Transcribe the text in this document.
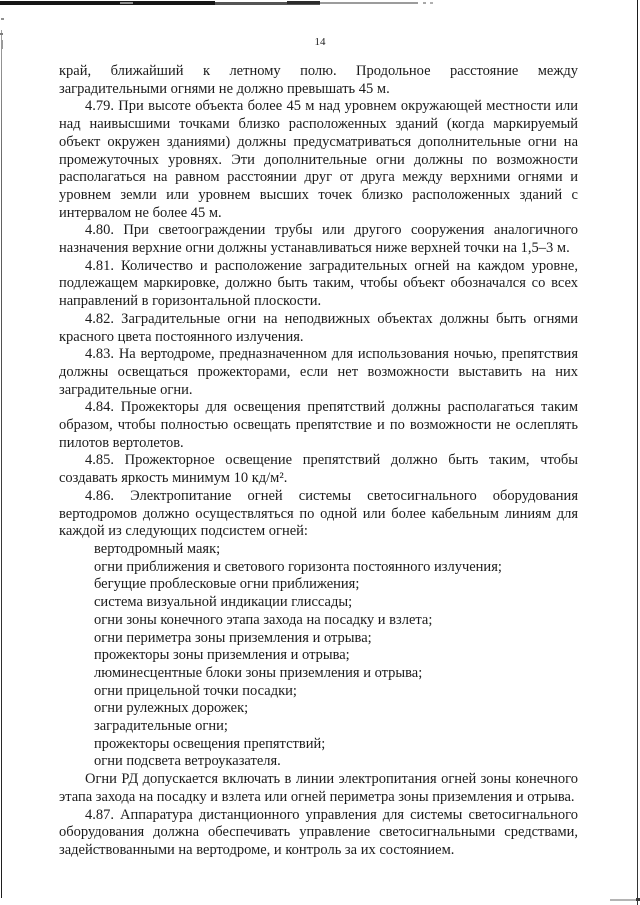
14

край, ближайший к летному полю. Продольное расстояние между заградительными огнями не должно превышать 45 м.

4.79. При высоте объекта более 45 м над уровнем окружающей местности или над наивысшими точками близко расположенных зданий (когда маркируемый объект окружен зданиями) должны предусматриваться дополнительные огни на промежуточных уровнях. Эти дополнительные огни должны по возможности располагаться на равном расстоянии друг от друга между верхними огнями и уровнем земли или уровнем высших точек близко расположенных зданий с интервалом не более 45 м.

4.80. При светоограждении трубы или другого сооружения аналогичного назначения верхние огни должны устанавливаться ниже верхней точки на 1,5–3 м.

4.81. Количество и расположение заградительных огней на каждом уровне, подлежащем маркировке, должно быть таким, чтобы объект обозначался со всех направлений в горизонтальной плоскости.

4.82. Заградительные огни на неподвижных объектах должны быть огнями красного цвета постоянного излучения.

4.83. На вертодроме, предназначенном для использования ночью, препятствия должны освещаться прожекторами, если нет возможности выставить на них заградительные огни.

4.84. Прожекторы для освещения препятствий должны располагаться таким образом, чтобы полностью освещать препятствие и по возможности не ослеплять пилотов вертолетов.

4.85. Прожекторное освещение препятствий должно быть таким, чтобы создавать яркость минимум 10 кд/м².

4.86. Электропитание огней системы светосигнального оборудования вертодромов должно осуществляться по одной или более кабельным линиям для каждой из следующих подсистем огней:

вертодромный маяк;

огни приближения и светового горизонта постоянного излучения;

бегущие проблесковые огни приближения;

система визуальной индикации глиссады;

огни зоны конечного этапа захода на посадку и взлета;

огни периметра зоны приземления и отрыва;

прожекторы зоны приземления и отрыва;

люминесцентные блоки зоны приземления и отрыва;

огни прицельной точки посадки;

огни рулежных дорожек;

заградительные огни;

прожекторы освещения препятствий;

огни подсвета ветроуказателя.

Огни РД допускается включать в линии электропитания огней зоны конечного этапа захода на посадку и взлета или огней периметра зоны приземления и отрыва.

4.87. Аппаратура дистанционного управления для системы светосигнального оборудования должна обеспечивать управление светосигнальными средствами, задействованными на вертодроме, и контроль за их состоянием.
